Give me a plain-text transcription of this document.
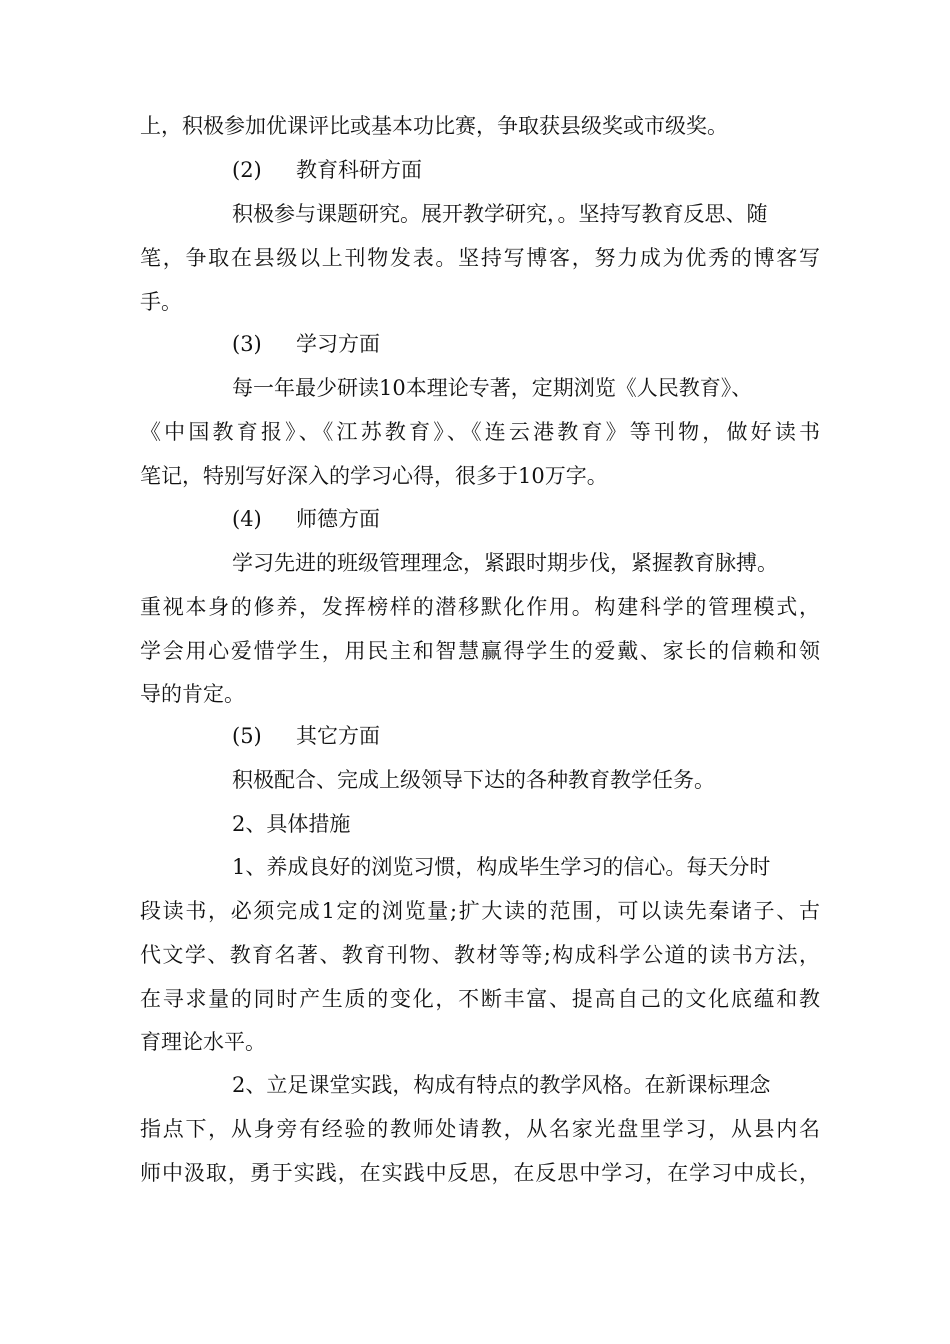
上，积极参加优课评比或基本功比赛，争取获县级奖或市级奖。
(2) 教育科研方面
积极参与课题研究。展开教学研究，。坚持写教育反思、随
笔，争取在县级以上刊物发表。坚持写博客，努力成为优秀的博客写
手。
(3) 学习方面
每一年最少研读10本理论专著，定期浏览《人民教育》、
《中国教育报》、《江苏教育》、《连云港教育》等刊物，做好读书
笔记，特别写好深入的学习心得，很多于10万字。
(4) 师德方面
学习先进的班级管理理念，紧跟时期步伐，紧握教育脉搏。
重视本身的修养，发挥榜样的潜移默化作用。构建科学的管理模式，
学会用心爱惜学生，用民主和智慧赢得学生的爱戴、家长的信赖和领
导的肯定。
(5) 其它方面
积极配合、完成上级领导下达的各种教育教学任务。
2、具体措施
1、养成良好的浏览习惯，构成毕生学习的信心。每天分时
段读书，必须完成1定的浏览量;扩大读的范围，可以读先秦诸子、古
代文学、教育名著、教育刊物、教材等等;构成科学公道的读书方法，
在寻求量的同时产生质的变化，不断丰富、提高自己的文化底蕴和教
育理论水平。
2、立足课堂实践，构成有特点的教学风格。在新课标理念
指点下，从身旁有经验的教师处请教，从名家光盘里学习，从县内名
师中汲取，勇于实践，在实践中反思，在反思中学习，在学习中成长，
